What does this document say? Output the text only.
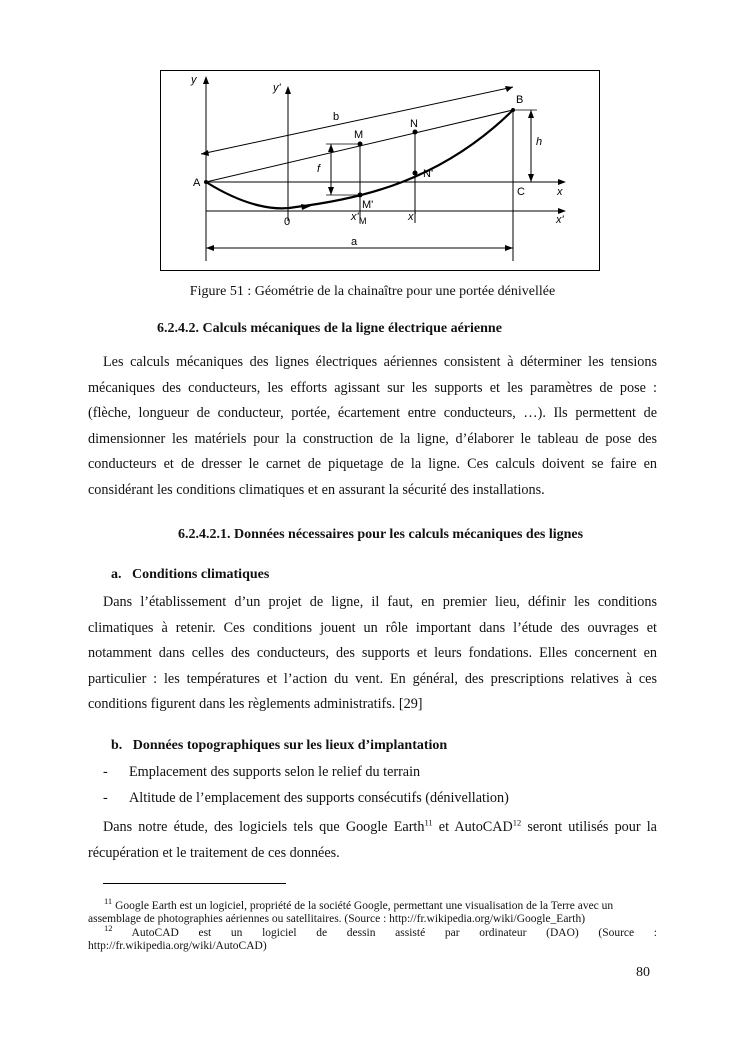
y
y'
b
B
M
N
h
f	N'
A
C	x
M'
0	x' M	x'	x'
a
Figure 51 : Géométrie de la chainaître pour une portée dénivellée
6.2.4.2. Calculs mécaniques de la ligne électrique aérienne
Les calculs mécaniques des lignes électriques aériennes consistent à déterminer les tensions
mécaniques des conducteurs, les efforts agissant sur les supports et les paramètres de pose :
(flèche, longueur de conducteur, portée, écartement entre conducteurs, …). Ils permettent de
dimensionner les matériels pour la construction de la ligne, d’élaborer le tableau de pose des
conducteurs et de dresser le carnet de piquetage de la ligne. Ces calculs doivent se faire en
considérant les conditions climatiques et en assurant la sécurité des installations.
6.2.4.2.1. Données nécessaires pour les calculs mécaniques des lignes
a.   Conditions climatiques
Dans l’établissement d’un projet de ligne, il faut, en premier lieu, définir les conditions
climatiques à retenir. Ces conditions jouent un rôle important dans l’étude des ouvrages et
notamment dans celles des conducteurs, des supports et leurs fondations. Elles concernent en
particulier : les températures et l’action du vent. En général, des prescriptions relatives à ces
conditions figurent dans les règlements administratifs. [29]
b.   Données topographiques sur les lieux d’implantation
- Emplacement des supports selon le relief du terrain
- Altitude de l’emplacement des supports consécutifs (dénivellation)
Dans notre étude, des logiciels tels que Google Earth$^{11}$ et AutoCAD$^{12}$ seront utilisés pour la
récupération et le traitement de ces données.
$^{11}$ Google Earth est un logiciel, propriété de la société Google, permettant une visualisation de la Terre avec un
assemblage de photographies aériennes ou satellitaires. (Source : http://fr.wikipedia.org/wiki/Google_Earth)
$^{12}$ AutoCAD est un logiciel de dessin assisté par ordinateur (DAO) (Source :
http://fr.wikipedia.org/wiki/AutoCAD)
80
